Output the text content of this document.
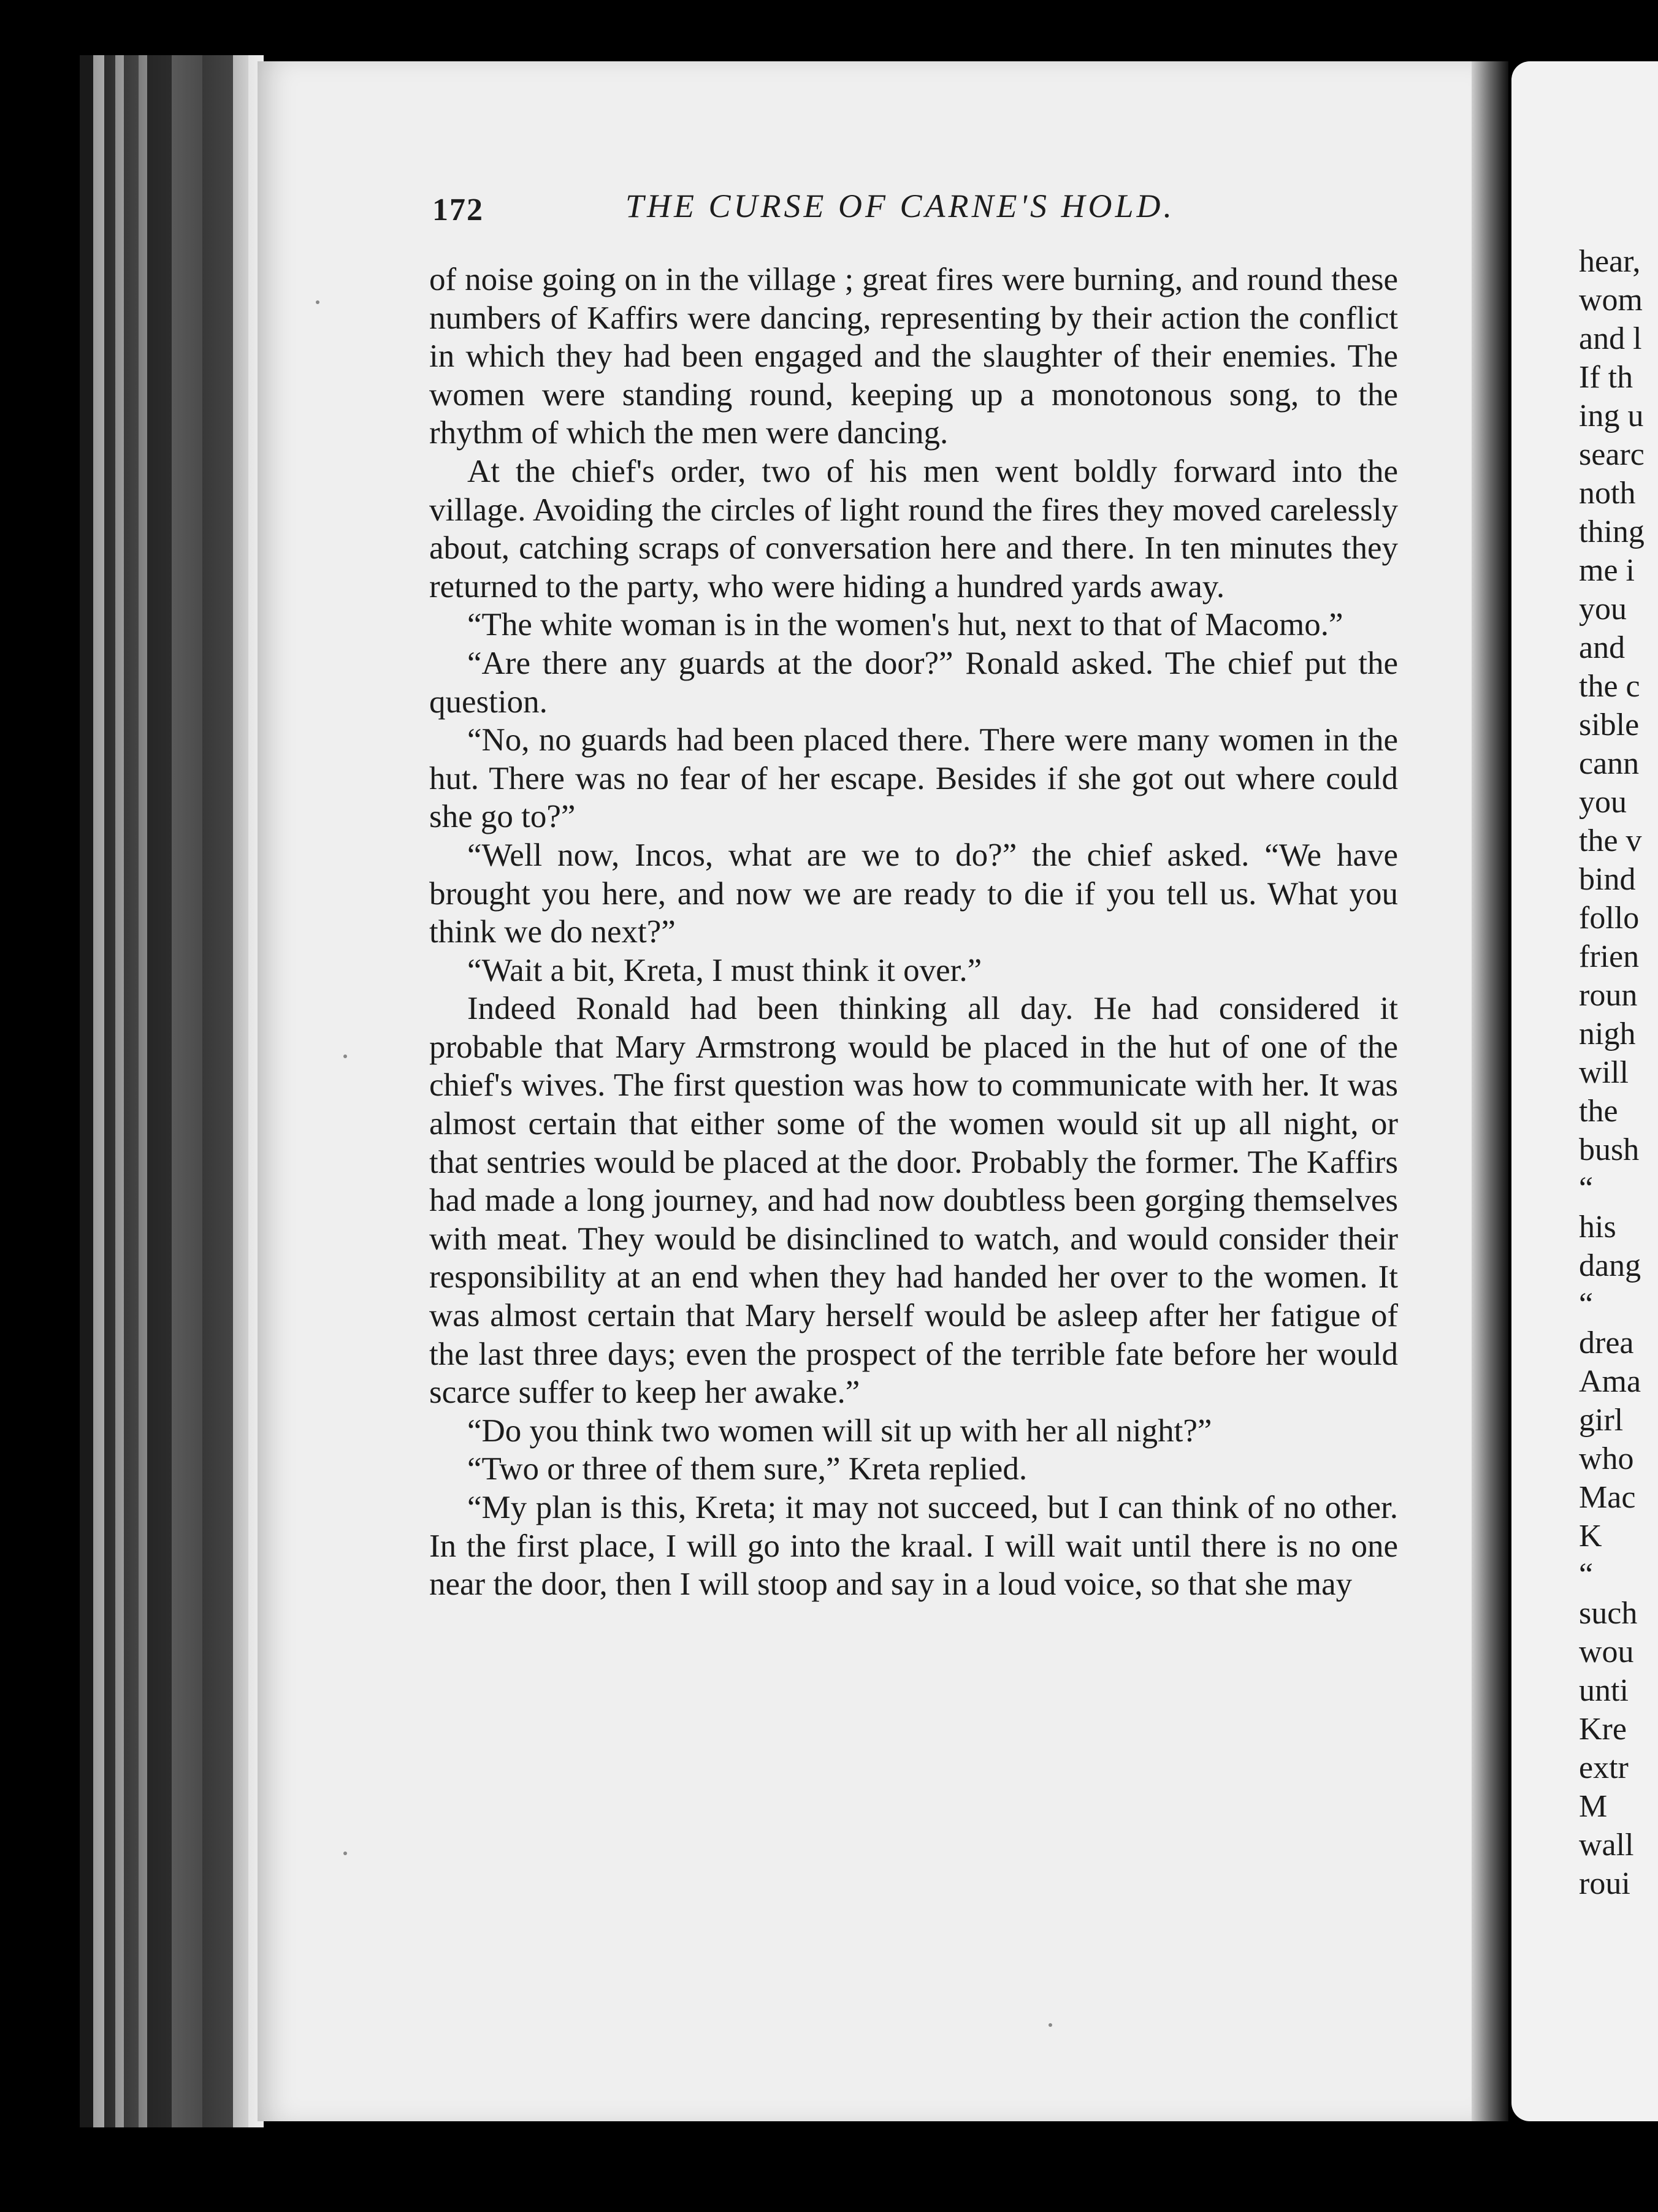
172	THE CURSE OF CARNE'S HOLD.

of noise going on in the village ; great fires were burning, and round these numbers of Kaffirs were dancing, representing by their action the conflict in which they had been engaged and the slaughter of their enemies. The women were standing round, keeping up a monotonous song, to the rhythm of which the men were dancing.

At the chief's order, two of his men went boldly forward into the village. Avoiding the circles of light round the fires they moved carelessly about, catching scraps of conversation here and there. In ten minutes they returned to the party, who were hiding a hundred yards away.

“The white woman is in the women's hut, next to that of Macomo.”

“Are there any guards at the door?” Ronald asked. The chief put the question.

“No, no guards had been placed there. There were many women in the hut. There was no fear of her escape. Besides if she got out where could she go to?”

“Well now, Incos, what are we to do?” the chief asked. “We have brought you here, and now we are ready to die if you tell us. What you think we do next?”

“Wait a bit, Kreta, I must think it over.”

Indeed Ronald had been thinking all day. He had considered it probable that Mary Armstrong would be placed in the hut of one of the chief's wives. The first question was how to communicate with her. It was almost certain that either some of the women would sit up all night, or that sentries would be placed at the door. Probably the former. The Kaffirs had made a long journey, and had now doubtless been gorging themselves with meat. They would be disinclined to watch, and would consider their responsibility at an end when they had handed her over to the women. It was almost certain that Mary herself would be asleep after her fatigue of the last three days; even the prospect of the terrible fate before her would scarce suffer to keep her awake.”

“Do you think two women will sit up with her all night?”

“Two or three of them sure,” Kreta replied.

“My plan is this, Kreta; it may not succeed, but I can think of no other. In the first place, I will go into the kraal. I will wait until there is no one near the door, then I will stoop and say in a loud voice, so that she may

hear,
wom
and l
If th
ing u
searc
noth
thing
me i
you
and
the c
sible
cann
you
the v
bind
follo
frien
roun
nigh
will
the
bush
“
his
dang
“
drea
Ama
girl
who
Mac
K
“
such
wou
unti
Kre
extr
M
wall
roui
